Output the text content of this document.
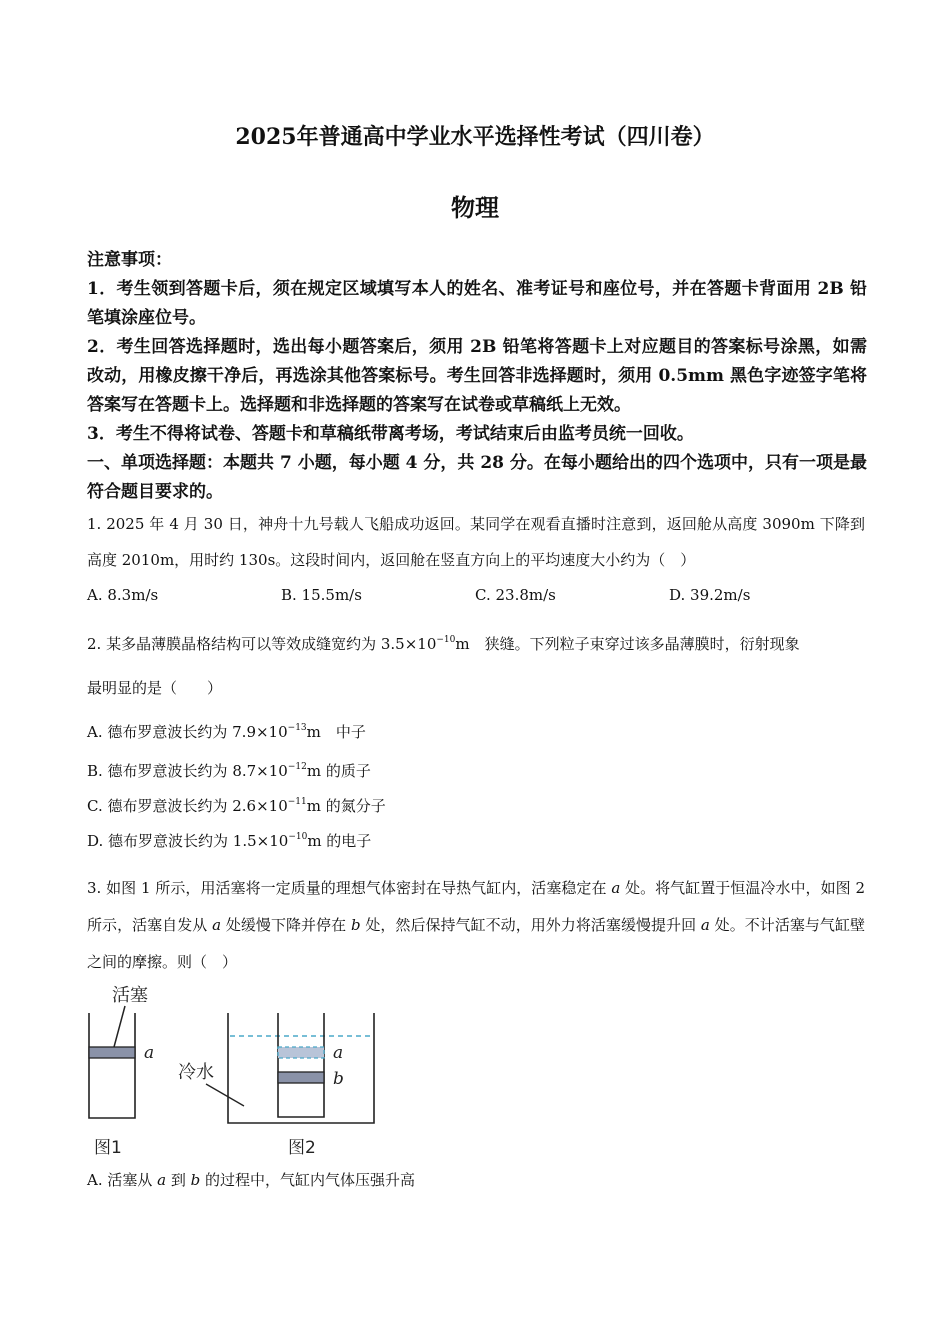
2025年普通高中学业水平选择性考试（四川卷）
物理

注意事项：

1．考生领到答题卡后，须在规定区域填写本人的姓名、准考证号和座位号，并在答题卡背面用 2B 铅笔填涂座位号。

2．考生回答选择题时，选出每小题答案后，须用 2B 铅笔将答题卡上对应题目的答案标号涂黑，如需改动，用橡皮擦干净后，再选涂其他答案标号。考生回答非选择题时，须用 0.5mm 黑色字迹签字笔将答案写在答题卡上。选择题和非选择题的答案写在试卷或草稿纸上无效。

3．考生不得将试卷、答题卡和草稿纸带离考场，考试结束后由监考员统一回收。

一、单项选择题：本题共 7 小题，每小题 4 分，共 28 分。在每小题给出的四个选项中，只有一项是最符合题目要求的。

1. 2025 年 4 月 30 日，神舟十九号载人飞船成功返回。某同学在观看直播时注意到，返回舱从高度 3090m 下降到高度 2010m，用时约 130s。这段时间内，返回舱在竖直方向上的平均速度大小约为（　）

A. 8.3m/s	B. 15.5m/s	C. 23.8m/s	D. 39.2m/s

2. 某多晶薄膜晶格结构可以等效成缝宽约为 $3.5\times 10^{-10}m$　狭缝。下列粒子束穿过该多晶薄膜时，衍射现象

最明显的是（　　）

A. 德布罗意波长约为 $7.9\times 10^{-13}m$　中子

B. 德布罗意波长约为 $8.7\times 10^{-12}m$ 的质子

C. 德布罗意波长约为 $2.6\times 10^{-11}m$ 的氮分子

D. 德布罗意波长约为 $1.5\times 10^{-10}m$ 的电子

3. 如图 1 所示，用活塞将一定质量的理想气体密封在导热气缸内，活塞稳定在 a 处。将气缸置于恒温冷水中，如图 2 所示，活塞自发从 a 处缓慢下降并停在 b 处，然后保持气缸不动，用外力将活塞缓慢提升回 a 处。不计活塞与气缸壁之间的摩擦。则（　）

活塞
a
图1
a
b
冷水
图2
A. 活塞从 a 到 b 的过程中，气缸内气体压强升高
